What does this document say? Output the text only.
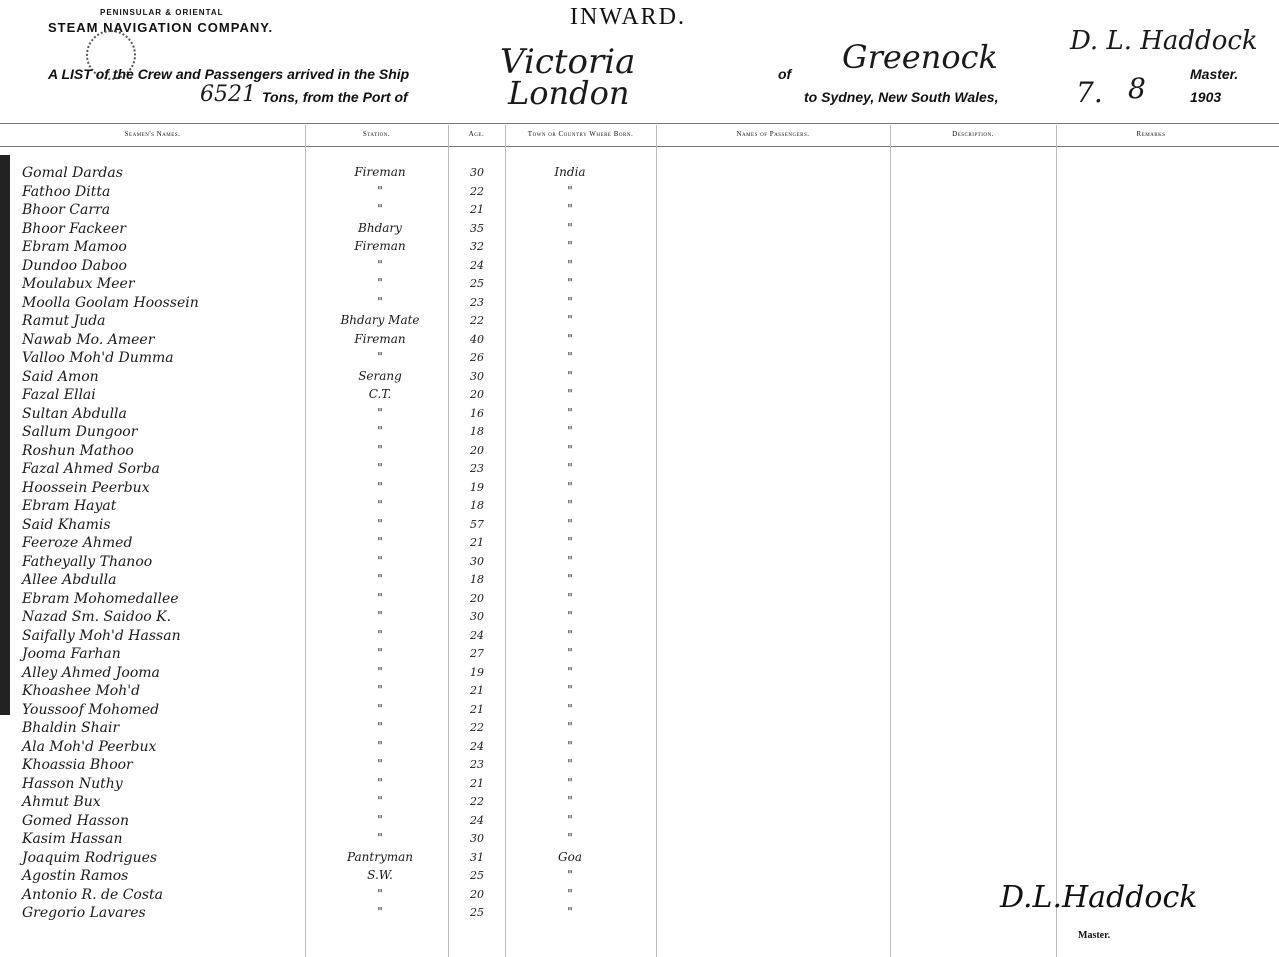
PENINSULAR & ORIENTAL
STEAM NAVIGATION COMPANY.	INWARD.
A LIST of the Crew and Passengers arrived in the Ship	Victoria	of Greenock	D. L. Haddock
Master.
6521 Tons, from the Port of	London	to Sydney, New South Wales,	7. 8	1903
Seamen's Names.	Station.	Age.	Town or Country Where Born.	Names of Passengers.	Description.	Remarks
Gomal Dardas	Fireman	30	India
Fathoo Ditta	"	22	"
Bhoor Carra	"	21	"
Bhoor Fackeer	Bhdary	35	"
Ebram Mamoo	Fireman	32	"
Dundoo Daboo	"	24	"
Moulabux Meer	"	25	"
Moolla Goolam Hoossein	"	23	"
Ramut Juda	Bhdary Mate	22	"
Nawab Mo. Ameer	Fireman	40	"
Valloo Moh'd Dumma	"	26	"
Said Amon	Serang	30	"
Fazal Ellai	C.T.	20	"
Sultan Abdulla	"	16	"
Sallum Dungoor	"	18	"
Roshun Mathoo	"	20	"
Fazal Ahmed Sorba	"	23	"
Hoossein Peerbux	"	19	"
Ebram Hayat	"	18	"
Said Khamis	"	57	"
Feeroze Ahmed	"	21	"
Fatheyally Thanoo	"	30	"
Allee Abdulla	"	18	"
Ebram Mohomedallee	"	20	"
Nazad Sm. Saidoo K.	"	30	"
Saifally Moh'd Hassan	"	24	"
Jooma Farhan	"	27	"
Alley Ahmed Jooma	"	19	"
Khoashee Moh'd	"	21	"
Youssoof Mohomed	"	21	"
Bhaldin Shair	"	22	"
Ala Moh'd Peerbux	"	24	"
Khoassia Bhoor	"	23	"
Hasson Nuthy	"	21	"
Ahmut Bux	"	22	"
Gomed Hasson	"	24	"
Kasim Hassan	"	30	"
Joaquim Rodrigues	Pantryman	31	Goa
Agostin Ramos	S.W.	25	"
Antonio R. de Costa	"	20	"
Gregorio Lavares	"	25	"	D.L.Haddock
Master.
